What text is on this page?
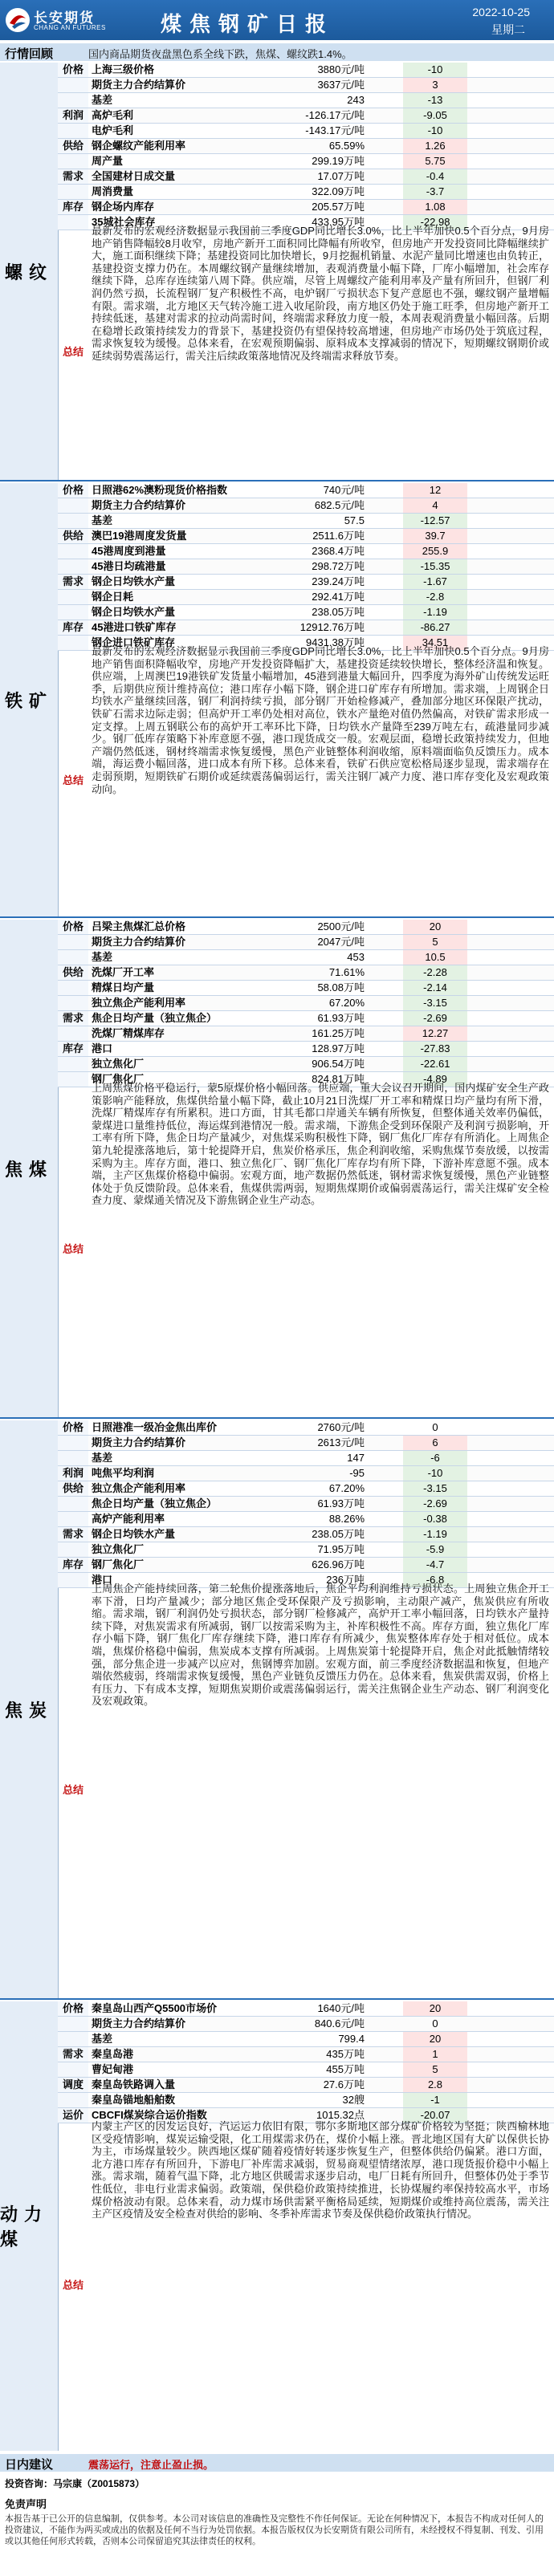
长安期货
CHANG AN FUTURES	煤焦钢矿日报
2022-10-25
星期二
行情回顾	国内商品期货夜盘黑色系全线下跌，焦煤、螺纹跌1.4%。
螺纹
价格 上海三级价格	3880元/吨	-10
期货主力合约结算价	3637元/吨	3
基差	243	-13
利润 高炉毛利	-126.17元/吨	-9.05
电炉毛利	-143.17元/吨	-10
供给 钢企螺纹产能利用率	65.59%	1.26
周产量	299.19万吨	5.75
需求 全国建材日成交量	17.07万吨	-0.4
周消费量	322.09万吨	-3.7
库存 钢企场内库存	205.57万吨	1.08
35城社会库存	433.95万吨	-22.98
总结
最新发布的宏观经济数据显示我国前三季度GDP同比增长3.0%，比上半年加快0.5个百分点，9月房地产销售降幅较8月收窄，房地产新开工面积同比降幅有所收窄，但房地产开发投资同比降幅继续扩大，施工面积继续下降；基建投资同比加快增长，9月挖掘机销量、水泥产量同比增速也由负转正，基建投资支撑力仍在。本周螺纹钢产量继续增加，表观消费量小幅下降，厂库小幅增加，社会库存继续下降，总库存连续第八周下降。供应端，尽管上周螺纹产能利用率及产量有所回升，但钢厂利润仍然亏损，长流程钢厂复产积极性不高，电炉钢厂亏损状态下复产意愿也不强，螺纹钢产量增幅有限。需求端，北方地区天气转冷施工进入收尾阶段，南方地区仍处于施工旺季，但房地产新开工持续低迷，基建对需求的拉动尚需时间，终端需求释放力度一般，本周表观消费量小幅回落。后期在稳增长政策持续发力的背景下，基建投资仍有望保持较高增速，但房地产市场仍处于筑底过程，需求恢复较为缓慢。总体来看，在宏观预期偏弱、原料成本支撑减弱的情况下，短期螺纹钢期价或延续弱势震荡运行，需关注后续政策落地情况及终端需求释放节奏。
铁矿
价格 日照港62%澳粉现货价格指数	740元/吨	12
期货主力合约结算价	682.5元/吨	4
基差	57.5	-12.57
供给 澳巴19港周度发货量	2511.6万吨	39.7
45港周度到港量	2368.4万吨	255.9
45港日均疏港量	298.72万吨	-15.35
需求 钢企日均铁水产量	239.24万吨	-1.67
钢企日耗	292.41万吨	-2.8
钢企日均铁水产量	238.05万吨	-1.19
库存 45港进口铁矿库存	12912.76万吨	-86.27
钢企进口铁矿库存	9431.38万吨	34.51
总结
最新发布的宏观经济数据显示我国前三季度GDP同比增长3.0%，比上半年加快0.5个百分点。9月房地产销售面积降幅收窄，房地产开发投资降幅扩大，基建投资延续较快增长，整体经济温和恢复。供应端，上周澳巴19港铁矿发货量小幅增加，45港到港量大幅回升，四季度为海外矿山传统发运旺季，后期供应预计维持高位；港口库存小幅下降，钢企进口矿库存有所增加。需求端，上周钢企日均铁水产量继续回落，钢厂利润持续亏损，部分钢厂开始检修减产，叠加部分地区环保限产扰动，铁矿石需求边际走弱；但高炉开工率仍处相对高位，铁水产量绝对值仍然偏高，对铁矿需求形成一定支撑。上周五钢联公布的高炉开工率环比下降，日均铁水产量降至239万吨左右，疏港量同步减少。钢厂低库存策略下补库意愿不强，港口现货成交一般。宏观层面，稳增长政策持续发力，但地产端仍然低迷，钢材终端需求恢复缓慢，黑色产业链整体利润收缩，原料端面临负反馈压力。成本端，海运费小幅回落，进口成本有所下移。总体来看，铁矿石供应宽松格局逐步显现，需求端存在走弱预期，短期铁矿石期价或延续震荡偏弱运行，需关注钢厂减产力度、港口库存变化及宏观政策动向。
焦煤
价格 吕梁主焦煤汇总价格	2500元/吨	20
期货主力合约结算价	2047元/吨	5
基差	453	10.5
供给 洗煤厂开工率	71.61%	-2.28
精煤日均产量	58.08万吨	-2.14
独立焦企产能利用率	67.20%	-3.15
需求 焦企日均产量（独立焦企）	61.93万吨	-2.69
洗煤厂精煤库存	161.25万吨	12.27
库存 港口	128.97万吨	-27.83
独立焦化厂	906.54万吨	-22.61
钢厂焦化厂	824.81万吨	-4.89
总结
上周焦煤价格平稳运行，蒙5原煤价格小幅回落。供应端，重大会议召开期间，国内煤矿安全生产政策影响产能释放，焦煤供给量小幅下降，截止10月21日洗煤厂开工率和精煤日均产量均有所下滑，洗煤厂精煤库存有所累积。进口方面，甘其毛都口岸通关车辆有所恢复，但整体通关效率仍偏低，蒙煤进口量维持低位，海运煤到港情况一般。需求端，下游焦企受到环保限产及利润亏损影响，开工率有所下降，焦企日均产量减少，对焦煤采购积极性下降，钢厂焦化厂库存有所消化。上周焦企第九轮提涨落地后，第十轮提降开启，焦炭价格承压，焦企利润收缩，采购焦煤节奏放缓，以按需采购为主。库存方面，港口、独立焦化厂、钢厂焦化厂库存均有所下降，下游补库意愿不强。成本端，主产区焦煤价格稳中偏弱。宏观方面，地产数据仍然低迷，钢材需求恢复缓慢，黑色产业链整体处于负反馈阶段。总体来看，焦煤供需两弱，短期焦煤期价或偏弱震荡运行，需关注煤矿安全检查力度、蒙煤通关情况及下游焦钢企业生产动态。
焦炭
价格 日照港准一级冶金焦出库价	2760元/吨	0
期货主力合约结算价	2613元/吨	6
基差	147	-6
利润 吨焦平均利润	-95	-10
供给 独立焦企产能利用率	67.20%	-3.15
焦企日均产量（独立焦企）	61.93万吨	-2.69
高炉产能利用率	88.26%	-0.38
需求 钢企日均铁水产量	238.05万吨	-1.19
独立焦化厂	71.95万吨	-5.9
库存 钢厂焦化厂	626.96万吨	-4.7
港口	236万吨	-6.8
总结
上周焦企产能持续回落，第二轮焦价提涨落地后，焦企平均利润维持亏损状态。上周独立焦企开工率下滑，日均产量减少；部分地区焦企受环保限产及亏损影响，主动限产减产，焦炭供应有所收缩。需求端，钢厂利润仍处亏损状态，部分钢厂检修减产，高炉开工率小幅回落，日均铁水产量持续下降，对焦炭需求有所减弱，钢厂以按需采购为主，补库积极性不高。库存方面，独立焦化厂库存小幅下降，钢厂焦化厂库存继续下降，港口库存有所减少，焦炭整体库存处于相对低位。成本端，焦煤价格稳中偏弱，焦炭成本支撑有所减弱。上周焦炭第十轮提降开启，焦企对此抵触情绪较强，部分焦企进一步减产以应对，焦钢博弈加剧。宏观方面，前三季度经济数据温和恢复，但地产端依然疲弱，终端需求恢复缓慢，黑色产业链负反馈压力仍在。总体来看，焦炭供需双弱，价格上有压力、下有成本支撑，短期焦炭期价或震荡偏弱运行，需关注焦钢企业生产动态、钢厂利润变化及宏观政策。
动力煤
价格 秦皇岛山西产Q5500市场价	1640元/吨	20
期货主力合约结算价	840.6元/吨	0
基差	799.4	20
需求 秦皇岛港	435万吨	1
曹妃甸港	455万吨	5
调度 秦皇岛铁路调入量	27.6万吨	2.8
秦皇岛锚地船舶数	32艘	-1
运价 CBCFI煤炭综合运价指数	1015.32点	-20.07
总结
内蒙主产区的因发运良好，汽运运力依旧有限，鄂尔多斯地区部分煤矿价格较为坚挺；陕西榆林地区受疫情影响，煤炭运输受限，化工用煤需求仍在，煤价小幅上涨。晋北地区国有大矿以保供长协为主，市场煤量较少。陕西地区煤矿随着疫情好转逐步恢复生产，但整体供给仍偏紧。港口方面，北方港口库存有所回升，下游电厂补库需求减弱，贸易商观望情绪浓厚，港口现货报价稳中小幅上涨。需求端，随着气温下降，北方地区供暖需求逐步启动，电厂日耗有所回升，但整体仍处于季节性低位，非电行业需求偏弱。政策端，保供稳价政策持续推进，长协煤履约率保持较高水平，市场煤价格波动有限。总体来看，动力煤市场供需紧平衡格局延续，短期煤价或维持高位震荡，需关注主产区疫情及安全检查对供给的影响、冬季补库需求节奏及保供稳价政策执行情况。
日内建议	震荡运行，注意止盈止损。
投资咨询：马宗康（Z0015873）
免责声明
本报告基于已公开的信息编制，仅供参考。本公司对该信息的准确性及完整性不作任何保证。无论在何种情况下，本报告不构成对任何人的投资建议，不能作为两买或成出的依据及任何不当行为处罚依据。本报告版权仅为长安期货有限公司所有，未经授权不得复制、刊发、引用或以其他任何形式转载，否则本公司保留追究其法律责任的权利。
